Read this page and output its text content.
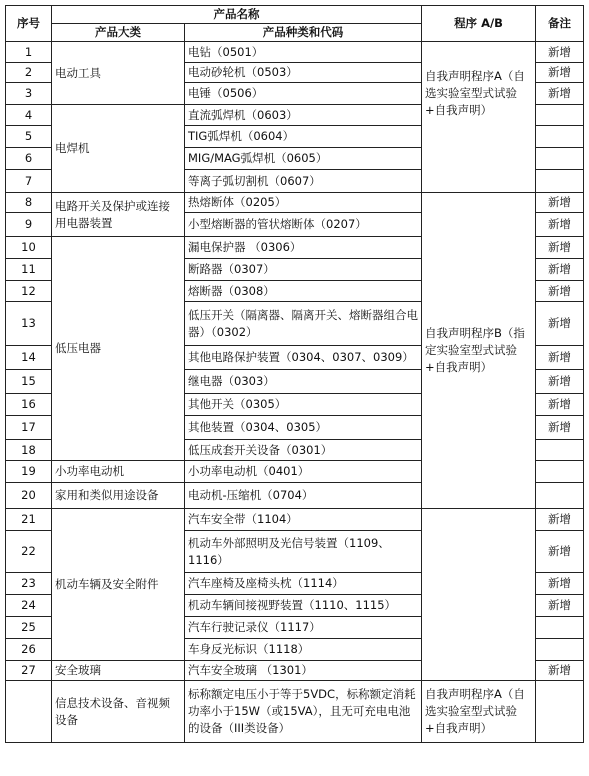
序号	产品名称		程序 A/B	备注
	产品大类	产品种类和代码		
1	电动工具	电钻（0501）	自我声明程序A（自选实验室型式试验+自我声明）	新增
2		电动砂轮机（0503）		新增
3		电锤（0506）		新增
4	电焊机	直流弧焊机（0603）		
5		TIG弧焊机（0604）		
6		MIG/MAG弧焊机（0605）		
7		等离子弧切割机（0607）		
8	电路开关及保护或连接用电器装置	热熔断体（0205）	自我声明程序B（指定实验室型式试验+自我声明）	新增
9		小型熔断器的管状熔断体（0207）		新增
10	低压电器	漏电保护器 （0306）		新增
11		断路器（0307）		新增
12		熔断器（0308）		新增
13		低压开关（隔离器、隔离开关、熔断器组合电器）（0302）		新增
14		其他电路保护装置（0304、0307、0309）		新增
15		继电器（0303）		新增
16		其他开关（0305）		新增
17		其他装置（0304、0305）		新增
18		低压成套开关设备（0301）		
19	小功率电动机	小功率电动机（0401）		
20	家用和类似用途设备	电动机-压缩机（0704）		
21	机动车辆及安全附件	汽车安全带（1104）		新增
22		机动车外部照明及光信号装置（1109、1116）		新增
23		汽车座椅及座椅头枕（1114）		新增
24		机动车辆间接视野装置（1110、1115）		新增
25		汽车行驶记录仪（1117）		
26		车身反光标识（1118）		
27	安全玻璃	汽车安全玻璃 （1301）		新增
	信息技术设备、音视频设备	标称额定电压小于等于5VDC，标称额定消耗功率小于15W（或15VA），且无可充电电池的设备（III类设备）	自我声明程序A（自选实验室型式试验+自我声明）	
